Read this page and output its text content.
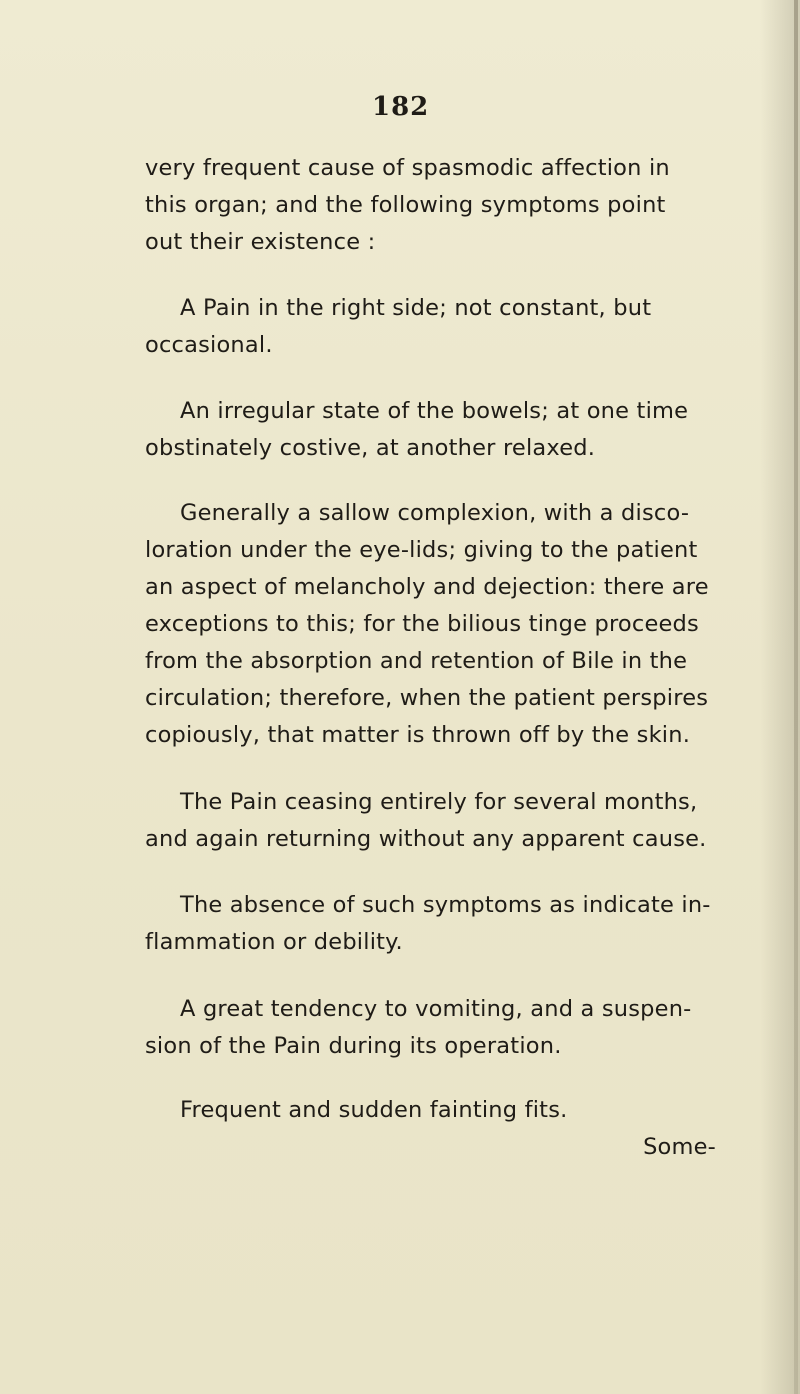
182
very frequent cause of spasmodic affection in
this organ; and the following symptoms point
out their existence :
A Pain in the right side; not constant, but
occasional.
An irregular state of the bowels; at one time
obstinately costive, at another relaxed.
Generally a sallow complexion, with a disco-
loration under the eye-lids; giving to the patient
an aspect of melancholy and dejection: there are
exceptions to this; for the bilious tinge proceeds
from the absorption and retention of Bile in the
circulation; therefore, when the patient perspires
copiously, that matter is thrown off by the skin.
The Pain ceasing entirely for several months,
and again returning without any apparent cause.
The absence of such symptoms as indicate in-
flammation or debility.
A great tendency to vomiting, and a suspen-
sion of the Pain during its operation.
Frequent and sudden fainting fits.
Some-
